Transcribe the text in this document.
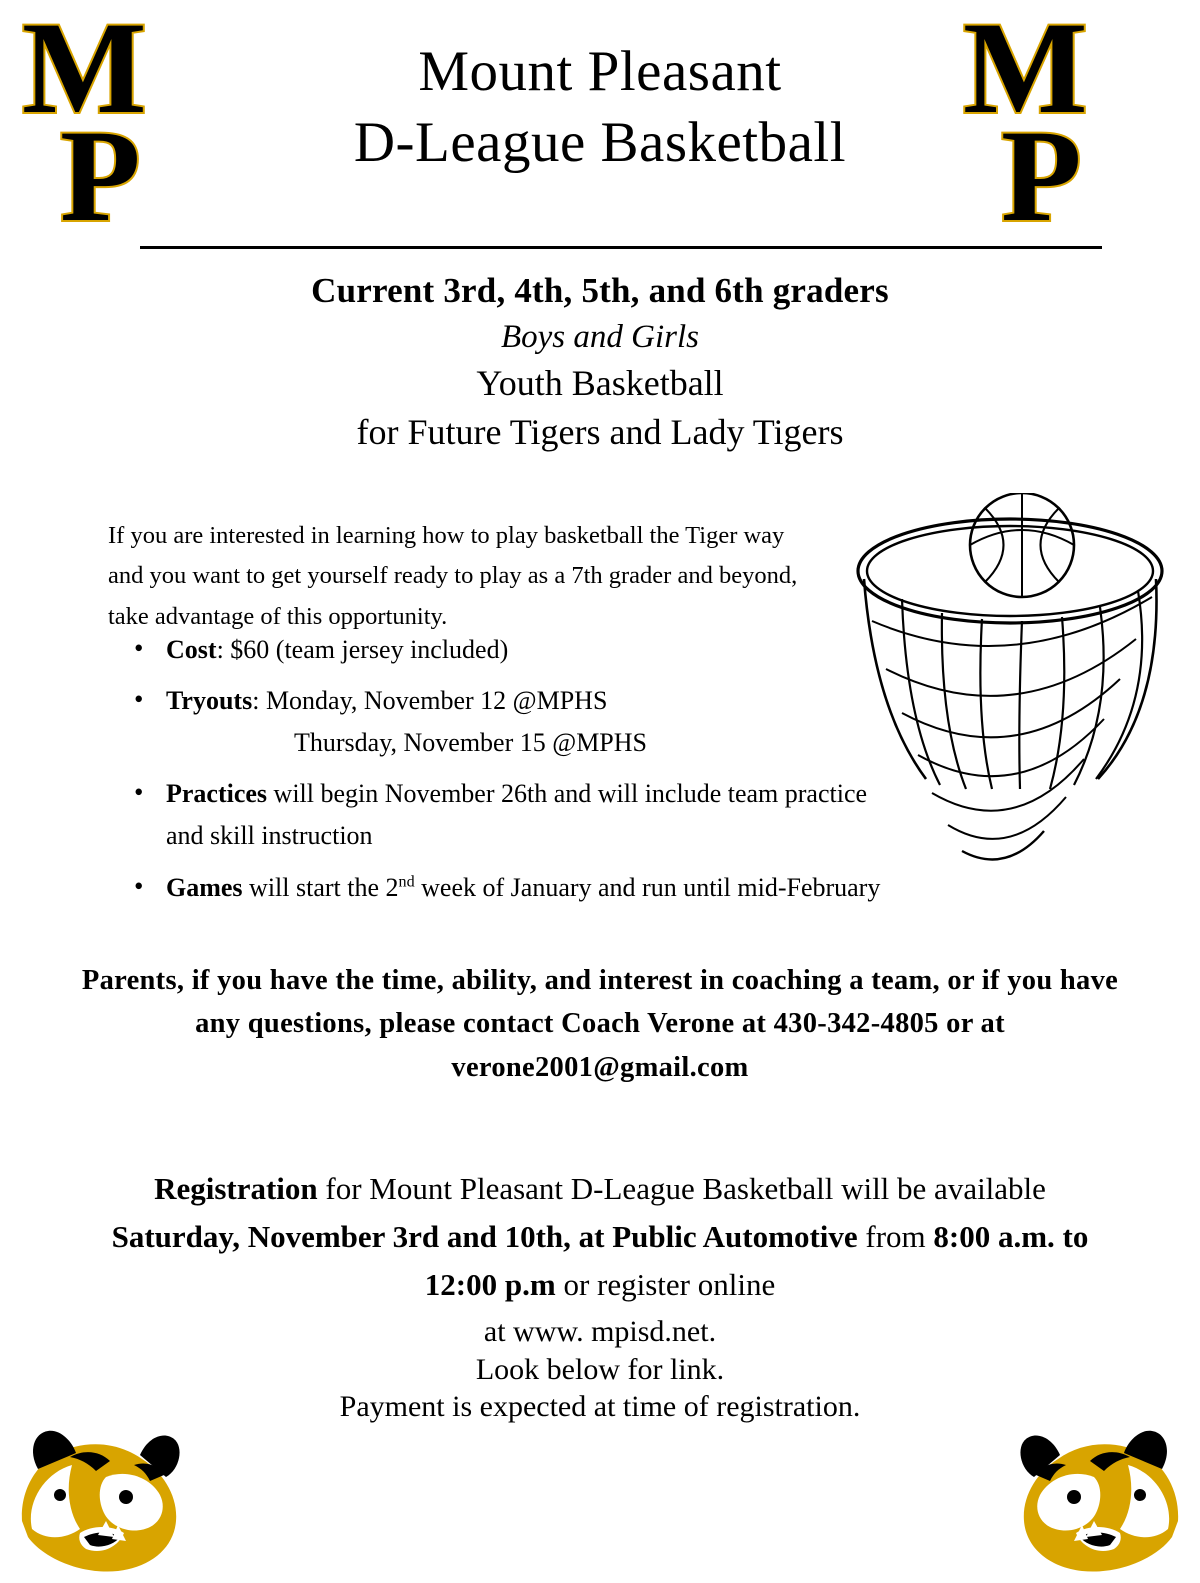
M
P
M
P
Mount Pleasant
D-League Basketball
Current 3rd, 4th, 5th, and 6th graders
Boys and Girls
Youth Basketball
for Future Tigers and Lady Tigers

If you are interested in learning how to play basketball the Tiger way and you want to get yourself ready to play as a 7th grader and beyond, take advantage of this opportunity.

• Cost: $60 (team jersey included)
• Tryouts: Monday, November 12 @MPHS
Thursday, November 15 @MPHS
• Practices will begin November 26th and will include team practice and skill instruction
• Games will start the 2nd week of January and run until mid-February
Parents, if you have the time, ability, and interest in coaching a team, or if you have any questions, please contact Coach Verone at 430-342-4805 or at verone2001@gmail.com
Registration for Mount Pleasant D-League Basketball will be available Saturday, November 3rd and 10th, at Public Automotive from 8:00 a.m. to 12:00 p.m or register online
at www. mpisd.net.
Look below for link.
Payment is expected at time of registration.
